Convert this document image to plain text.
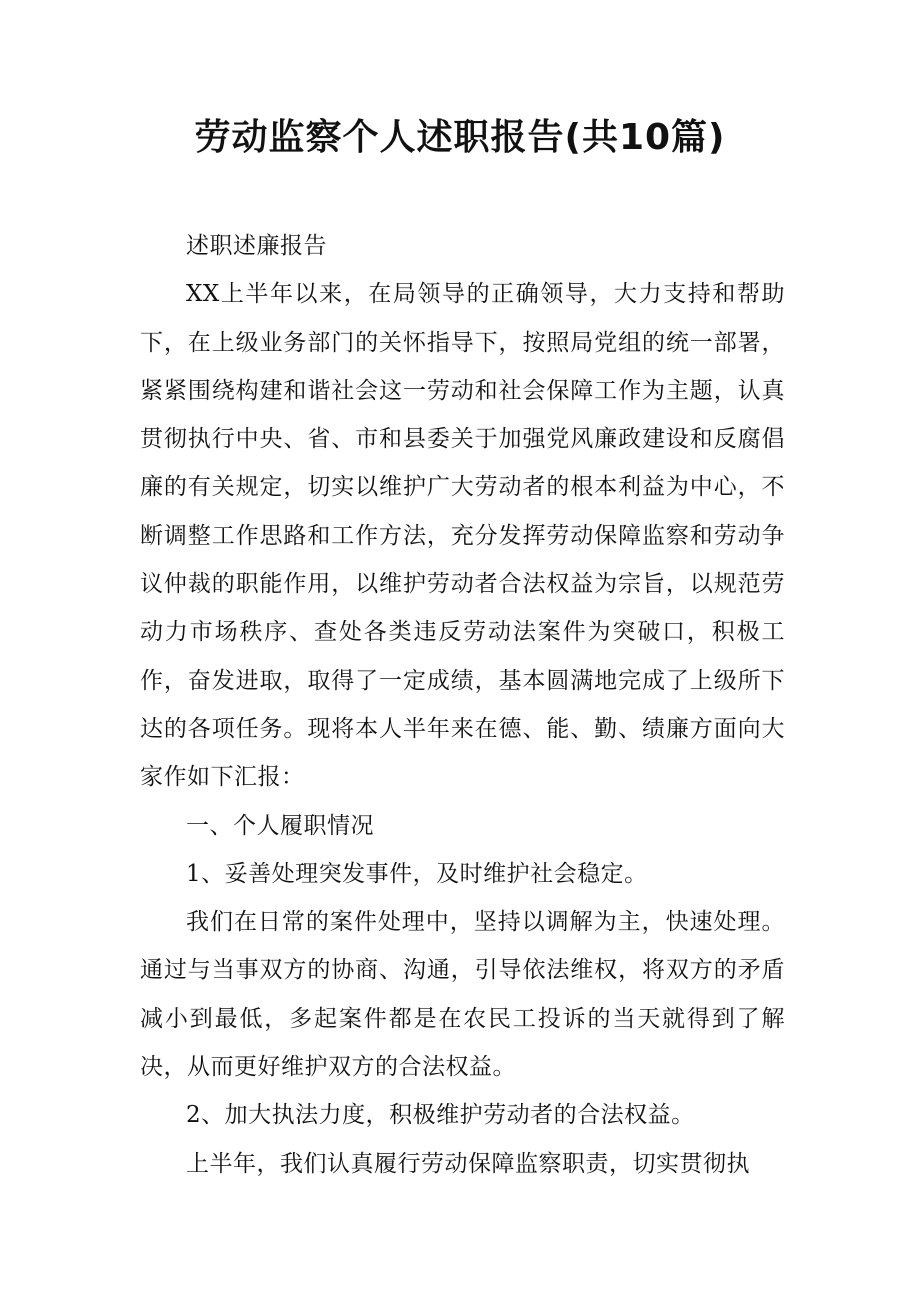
劳动监察个人述职报告(共10篇)

述职述廉报告

XX上半年以来，在局领导的正确领导，大力支持和帮助下，在上级业务部门的关怀指导下，按照局党组的统一部署，紧紧围绕构建和谐社会这一劳动和社会保障工作为主题，认真贯彻执行中央、省、市和县委关于加强党风廉政建设和反腐倡廉的有关规定，切实以维护广大劳动者的根本利益为中心，不断调整工作思路和工作方法，充分发挥劳动保障监察和劳动争议仲裁的职能作用，以维护劳动者合法权益为宗旨，以规范劳动力市场秩序、查处各类违反劳动法案件为突破口，积极工作，奋发进取，取得了一定成绩，基本圆满地完成了上级所下达的各项任务。现将本人半年来在德、能、勤、绩廉方面向大家作如下汇报：

一、个人履职情况

1、妥善处理突发事件，及时维护社会稳定。

我们在日常的案件处理中，坚持以调解为主，快速处理。通过与当事双方的协商、沟通，引导依法维权，将双方的矛盾减小到最低，多起案件都是在农民工投诉的当天就得到了解决，从而更好维护双方的合法权益。

2、加大执法力度，积极维护劳动者的合法权益。

上半年，我们认真履行劳动保障监察职责，切实贯彻执
